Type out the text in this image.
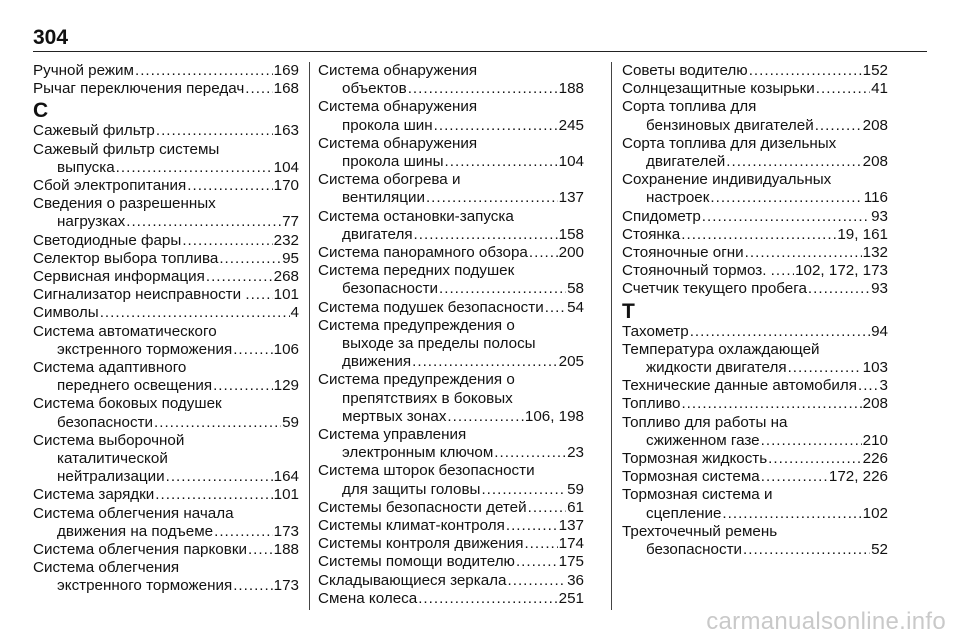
304
Ручной режим .....	169
Рычаг переключения передач ..... 168
С
Сажевый фильтр .....	163
Сажевый фильтр системы
выпуска .....	104
Сбой электропитания .....	170
Сведения о разрешенных
нагрузках .....	77
Светодиодные фары .....	232
Селектор выбора топлива .....	95
Сервисная информация .....	268
Сигнализатор неисправности . ..... 101
Символы .....	4
Система автоматического
экстренного торможения .....	106
Система адаптивного
переднего освещения .....	129
Система боковых подушек
безопасности .....	59
Система выборочной
каталитической
нейтрализации .....	164
Система зарядки .....	101
Система облегчения начала
движения на подъеме .....	173
Система облегчения парковки ..... 188
Система облегчения
экстренного торможения .....	173
Система обнаружения
объектов .....	188
Система обнаружения
прокола шин .....	245
Система обнаружения
прокола шины .....	104
Система обогрева и
вентиляции .....	137
Система остановки-запуска
двигателя .....	158
Система панорамного обзора ..... 200
Система передних подушек
безопасности .....	58
Система подушек безопасности ..... 54
Система предупреждения о
выходе за пределы полосы
движения .....	205
Система предупреждения о
препятствиях в боковых
мертвых зонах .....	106, 198
Система управления
электронным ключом .....	23
Система шторок безопасности
для защиты головы .....	59
Системы безопасности детей .....	61
Системы климат-контроля .....	137
Системы контроля движения ..... 174
Системы помощи водителю .....	175
Складывающиеся зеркала .....	36
Смена колеса .....	251
Советы водителю .....	152
Солнцезащитные козырьки .....	41
Сорта топлива для
бензиновых двигателей .....	208
Сорта топлива для дизельных
двигателей .....	208
Сохранение индивидуальных
настроек .....	116
Спидометр .....	93
Стоянка .....	19, 161
Стояночные огни .....	132
Стояночный тормоз. . ..... 102, 172, 173
Счетчик текущего пробега .....	93
Т
Тахометр .....	94
Температура охлаждающей
жидкости двигателя .....	103
Технические данные автомобиля ..... 3
Топливо .....	208
Топливо для работы на
сжиженном газе .....	210
Тормозная жидкость .....	226
Тормозная система .....	172, 226
Тормозная система и
сцепление .....	102
Трехточечный ремень
безопасности .....	52
carmanualsonline.info
